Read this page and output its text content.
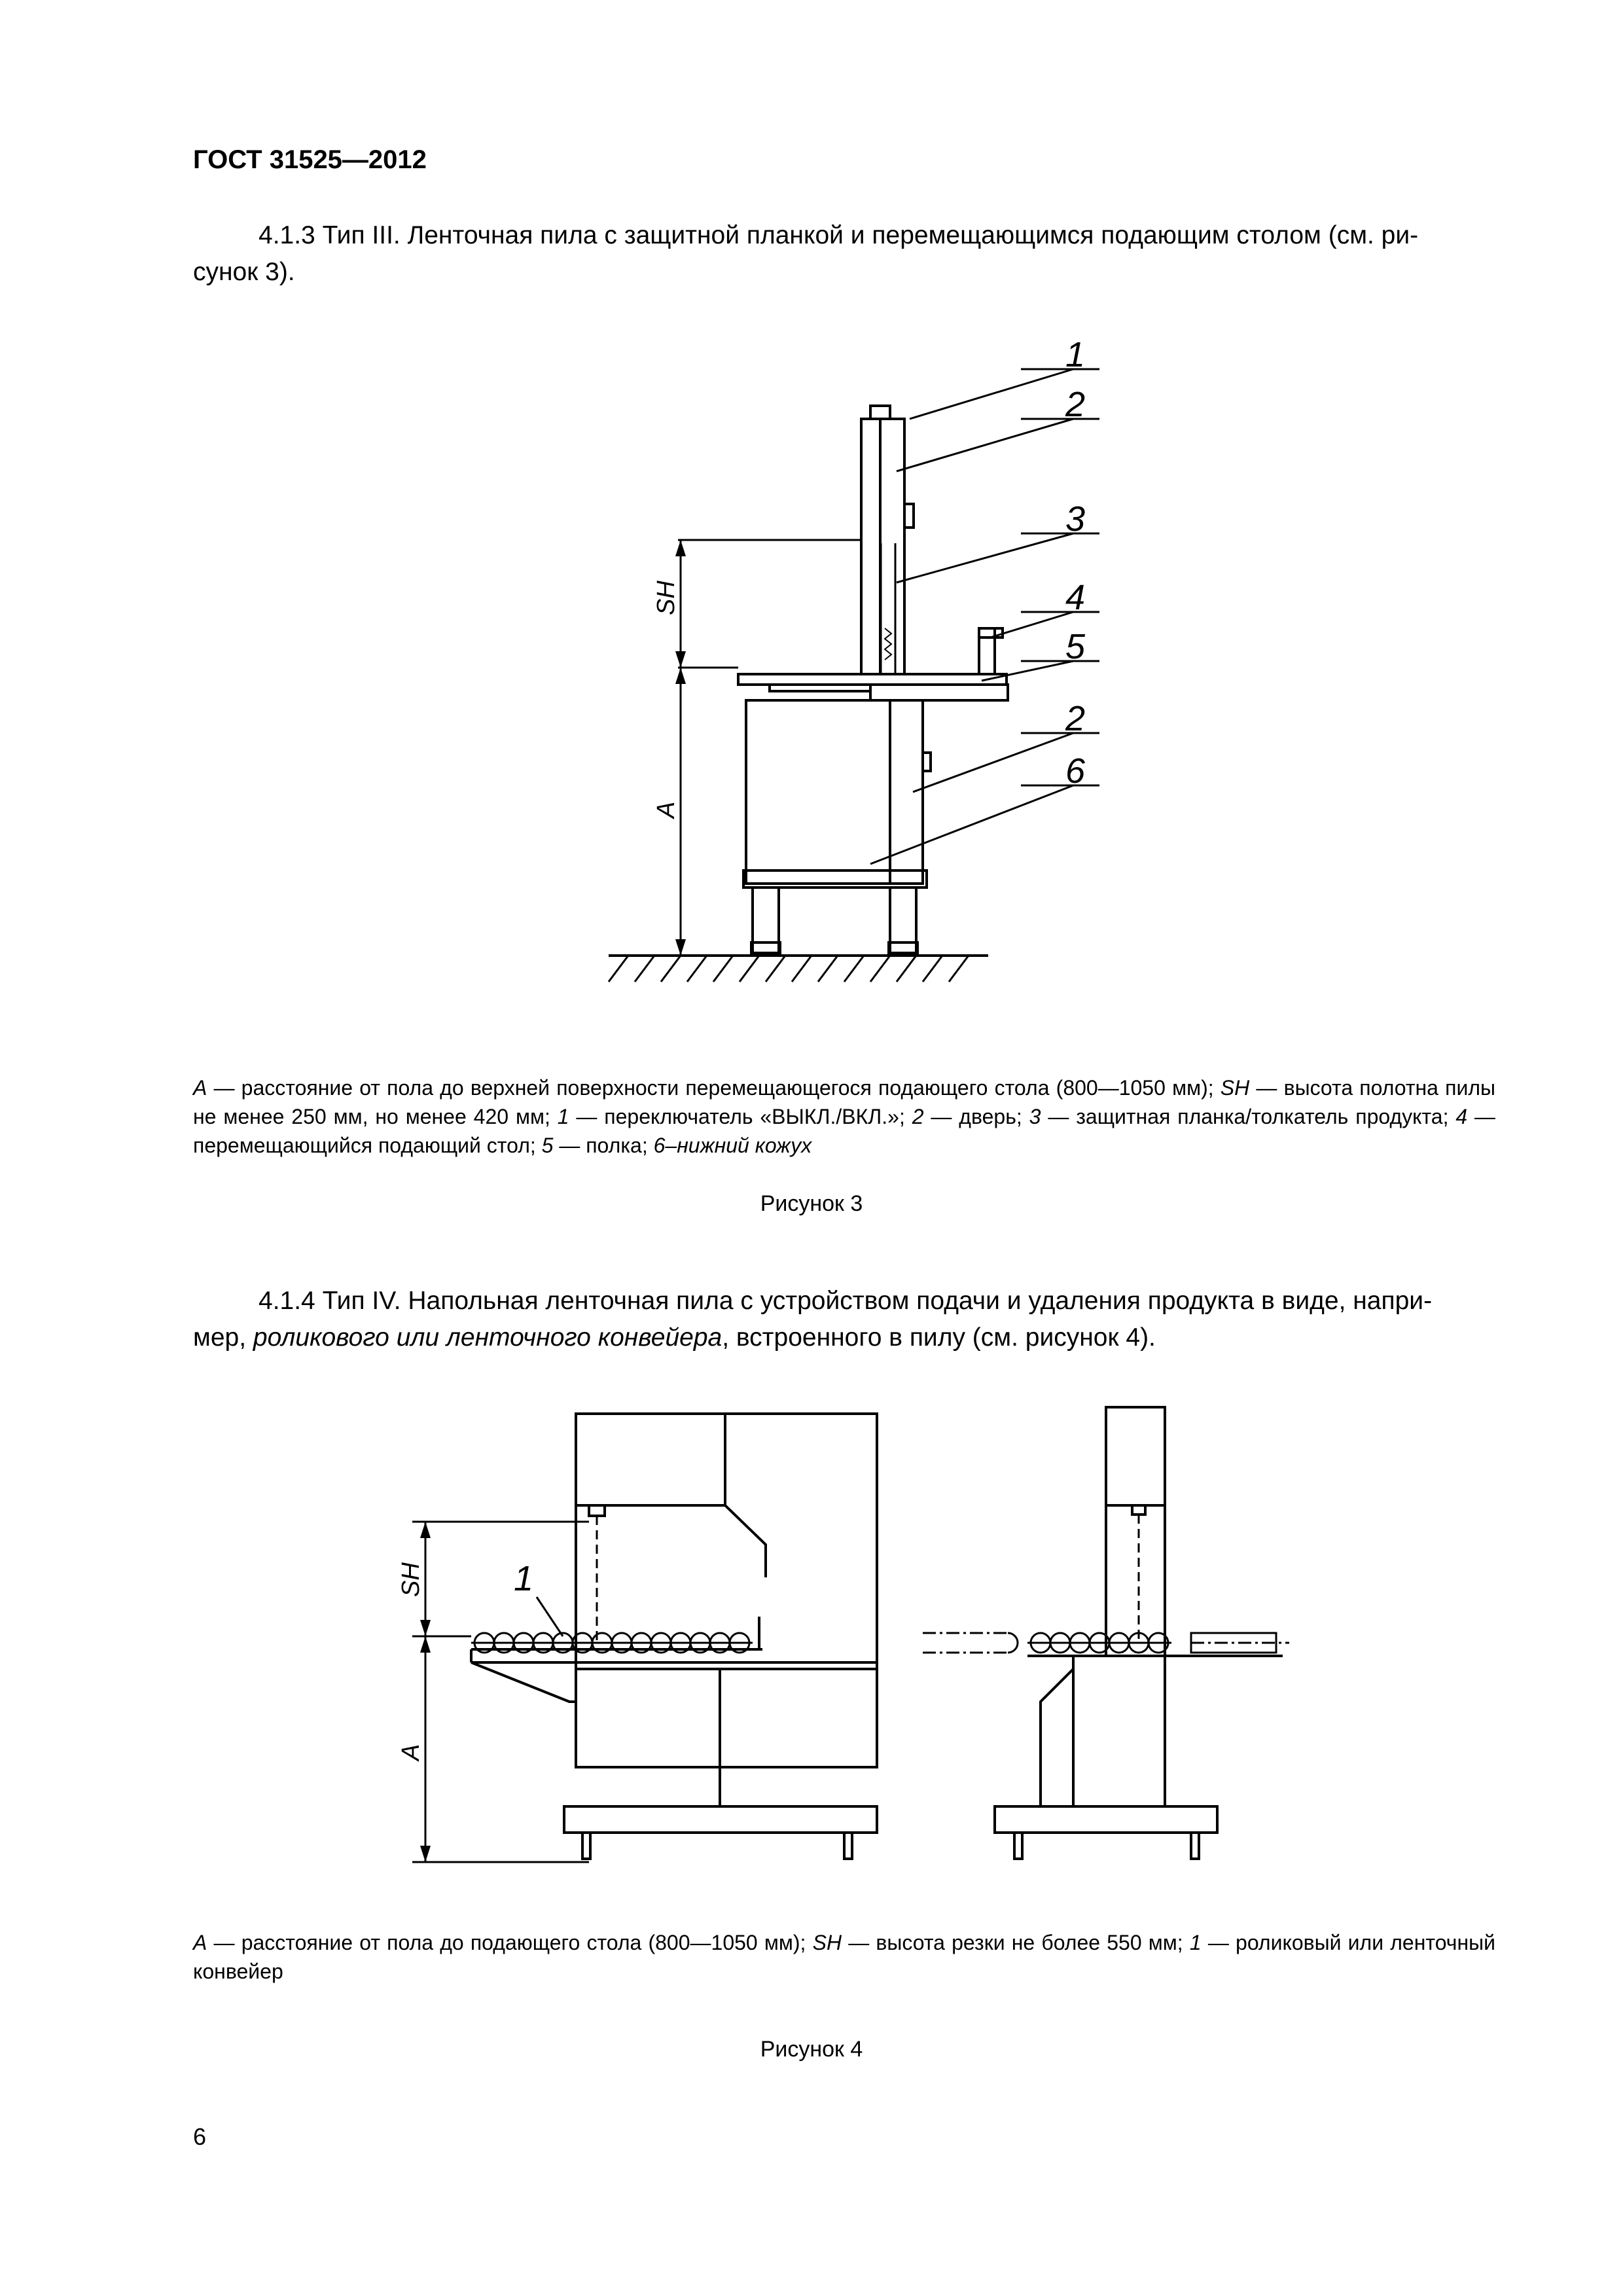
ГОСТ 31525—2012
4.1.3 Тип III. Ленточная пила с защитной планкой и перемещающимся подающим столом (см. ри-
сунок 3).
1
2
3
4
5
2
6
SH
A
1
SH
A
A — расстояние от пола до верхней поверхности перемещающегося подающего стола (800—1050 мм); SH — высота полотна пилы не менее 250 мм, но менее 420 мм; 1 — переключатель «ВЫКЛ./ВКЛ.»; 2 — дверь; 3 — защитная планка/толкатель продукта; 4 — перемещающийся подающий стол; 5 — полка; 6–нижний кожух
Рисунок 3
4.1.4 Тип IV. Напольная ленточная пила с устройством подачи и удаления продукта в виде, напри-
мер, роликового или ленточного конвейера, встроенного в пилу (см. рисунок 4).
A — расстояние от пола до подающего стола (800—1050 мм); SH — высота резки не более 550 мм; 1 — роликовый или ленточный конвейер
Рисунок 4
6
